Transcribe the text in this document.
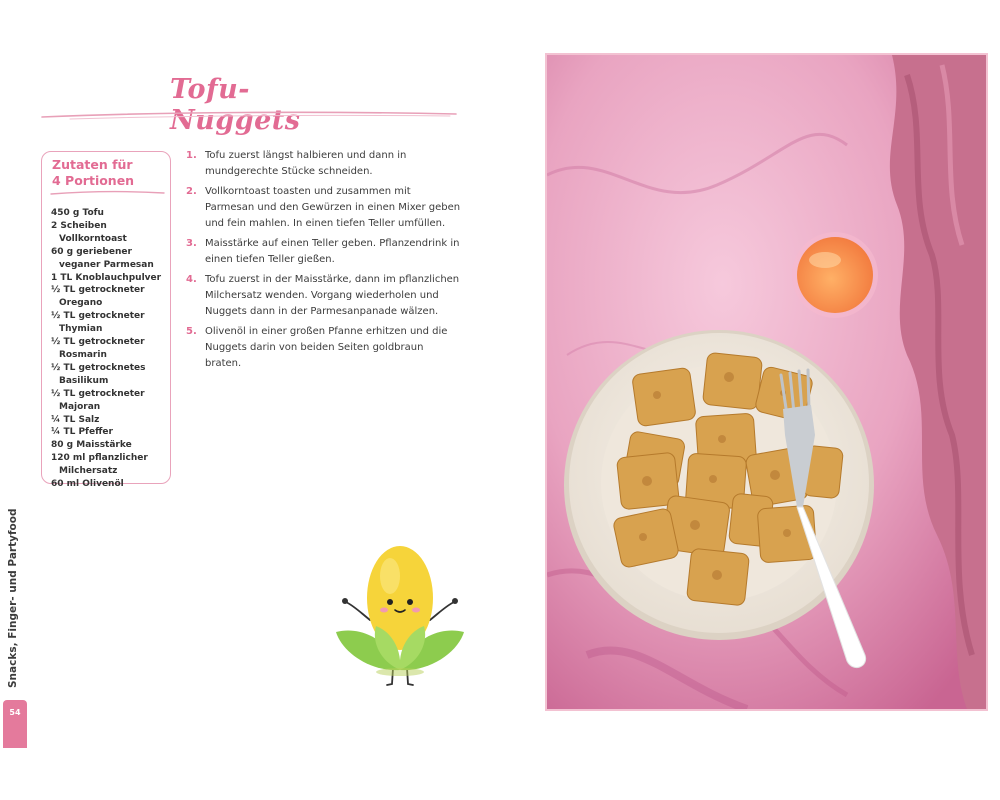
Tofu-Nuggets
Zutaten für
4 Portionen
450 g Tofu
2 Scheiben Vollkorntoast
60 g geriebener veganer Parmesan
1 TL Knoblauchpulver
½ TL getrockneter Oregano
½ TL getrockneter Thymian
½ TL getrockneter Rosmarin
½ TL getrocknetes Basilikum
½ TL getrockneter Majoran
¼ TL Salz
¼ TL Pfeffer
80 g Maisstärke
120 ml pflanzlicher Milchersatz
60 ml Olivenöl
1. Tofu zuerst längst halbieren und dann in mundgerechte Stücke schneiden.
2. Vollkorntoast toasten und zusammen mit Parmesan und den Gewürzen in einen Mixer geben und fein mahlen. In einen tiefen Teller umfüllen.
3. Maisstärke auf einen Teller geben. Pflanzendrink in einen tiefen Teller gießen.
4. Tofu zuerst in der Maisstärke, dann im pflanzlichen Milchersatz wenden. Vorgang wiederholen und Nuggets dann in der Parmesanpanade wälzen.
5. Olivenöl in einer großen Pfanne erhitzen und die Nuggets darin von beiden Seiten goldbraun braten.
Snacks, Finger- und Partyfood
54
